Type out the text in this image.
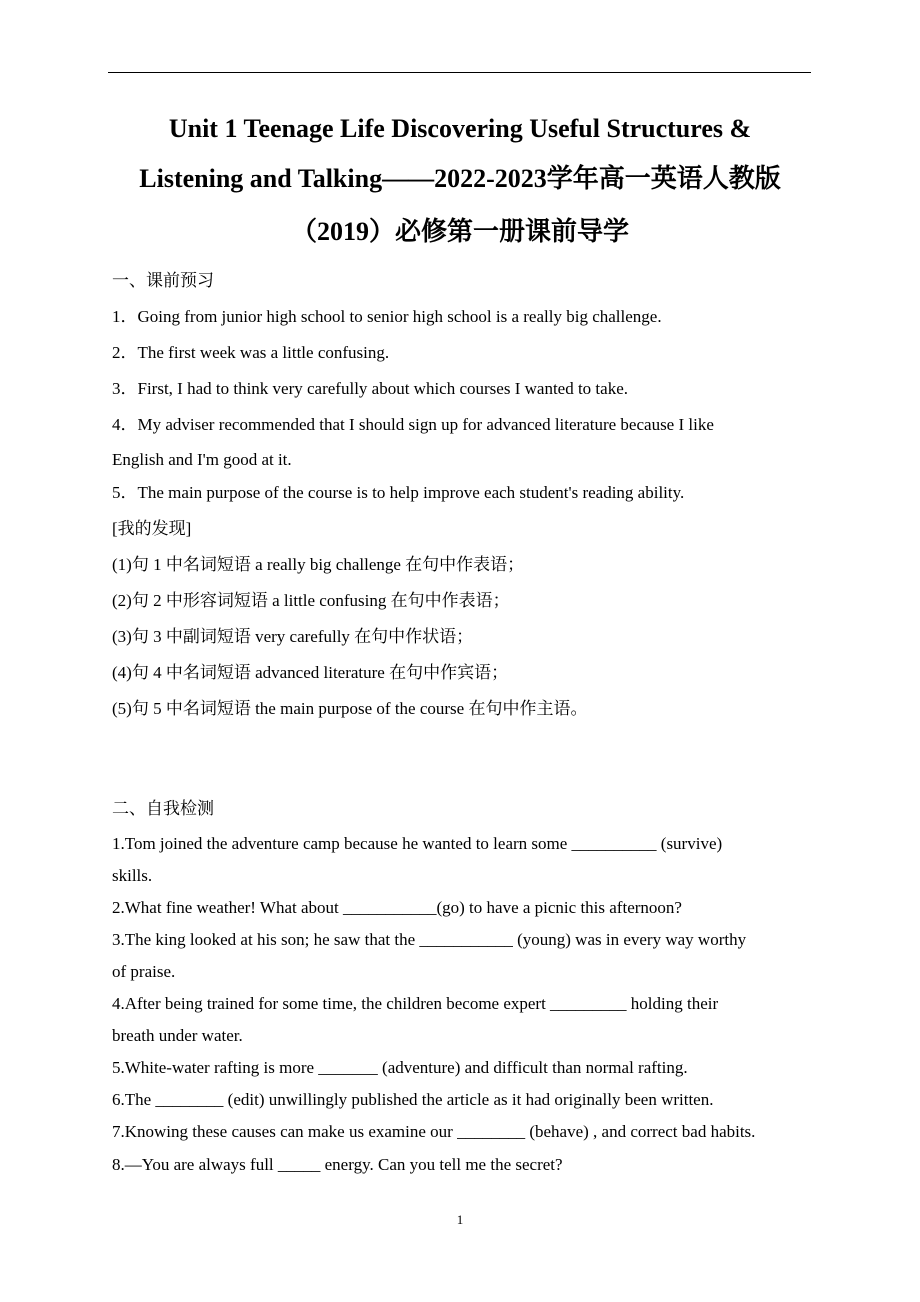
Unit 1 Teenage Life Discovering Useful Structures &
Listening and Talking——2022-2023学年高一英语人教版
（2019）必修第一册课前导学
一、课前预习
1．Going from junior high school to senior high school is a really big challenge.
2．The first week was a little confusing.
3．First, I had to think very carefully about which courses I wanted to take.
4．My adviser recommended that I should sign up for advanced literature because I like
English and I'm good at it.
5．The main purpose of the course is to help improve each student's reading ability.
[我的发现]
(1)句 1 中名词短语 a really big challenge 在句中作表语；
(2)句 2 中形容词短语 a little confusing 在句中作表语；
(3)句 3 中副词短语 very carefully 在句中作状语；
(4)句 4 中名词短语 advanced literature 在句中作宾语；
(5)句 5 中名词短语 the main purpose of the course 在句中作主语。
二、自我检测
1.Tom joined the adventure camp because he wanted to learn some __________ (survive)
skills.
2.What fine weather! What about ___________(go) to have a picnic this afternoon?
3.The king looked at his son; he saw that the ___________ (young) was in every way worthy
of praise.
4.After being trained for some time, the children become expert _________ holding their
breath under water.
5.White-water rafting is more _______ (adventure) and difficult than normal rafting.
6.The ________ (edit) unwillingly published the article as it had originally been written.
7.Knowing these causes can make us examine our ________ (behave) , and correct bad habits.
8.—You are always full _____ energy. Can you tell me the secret?
1
